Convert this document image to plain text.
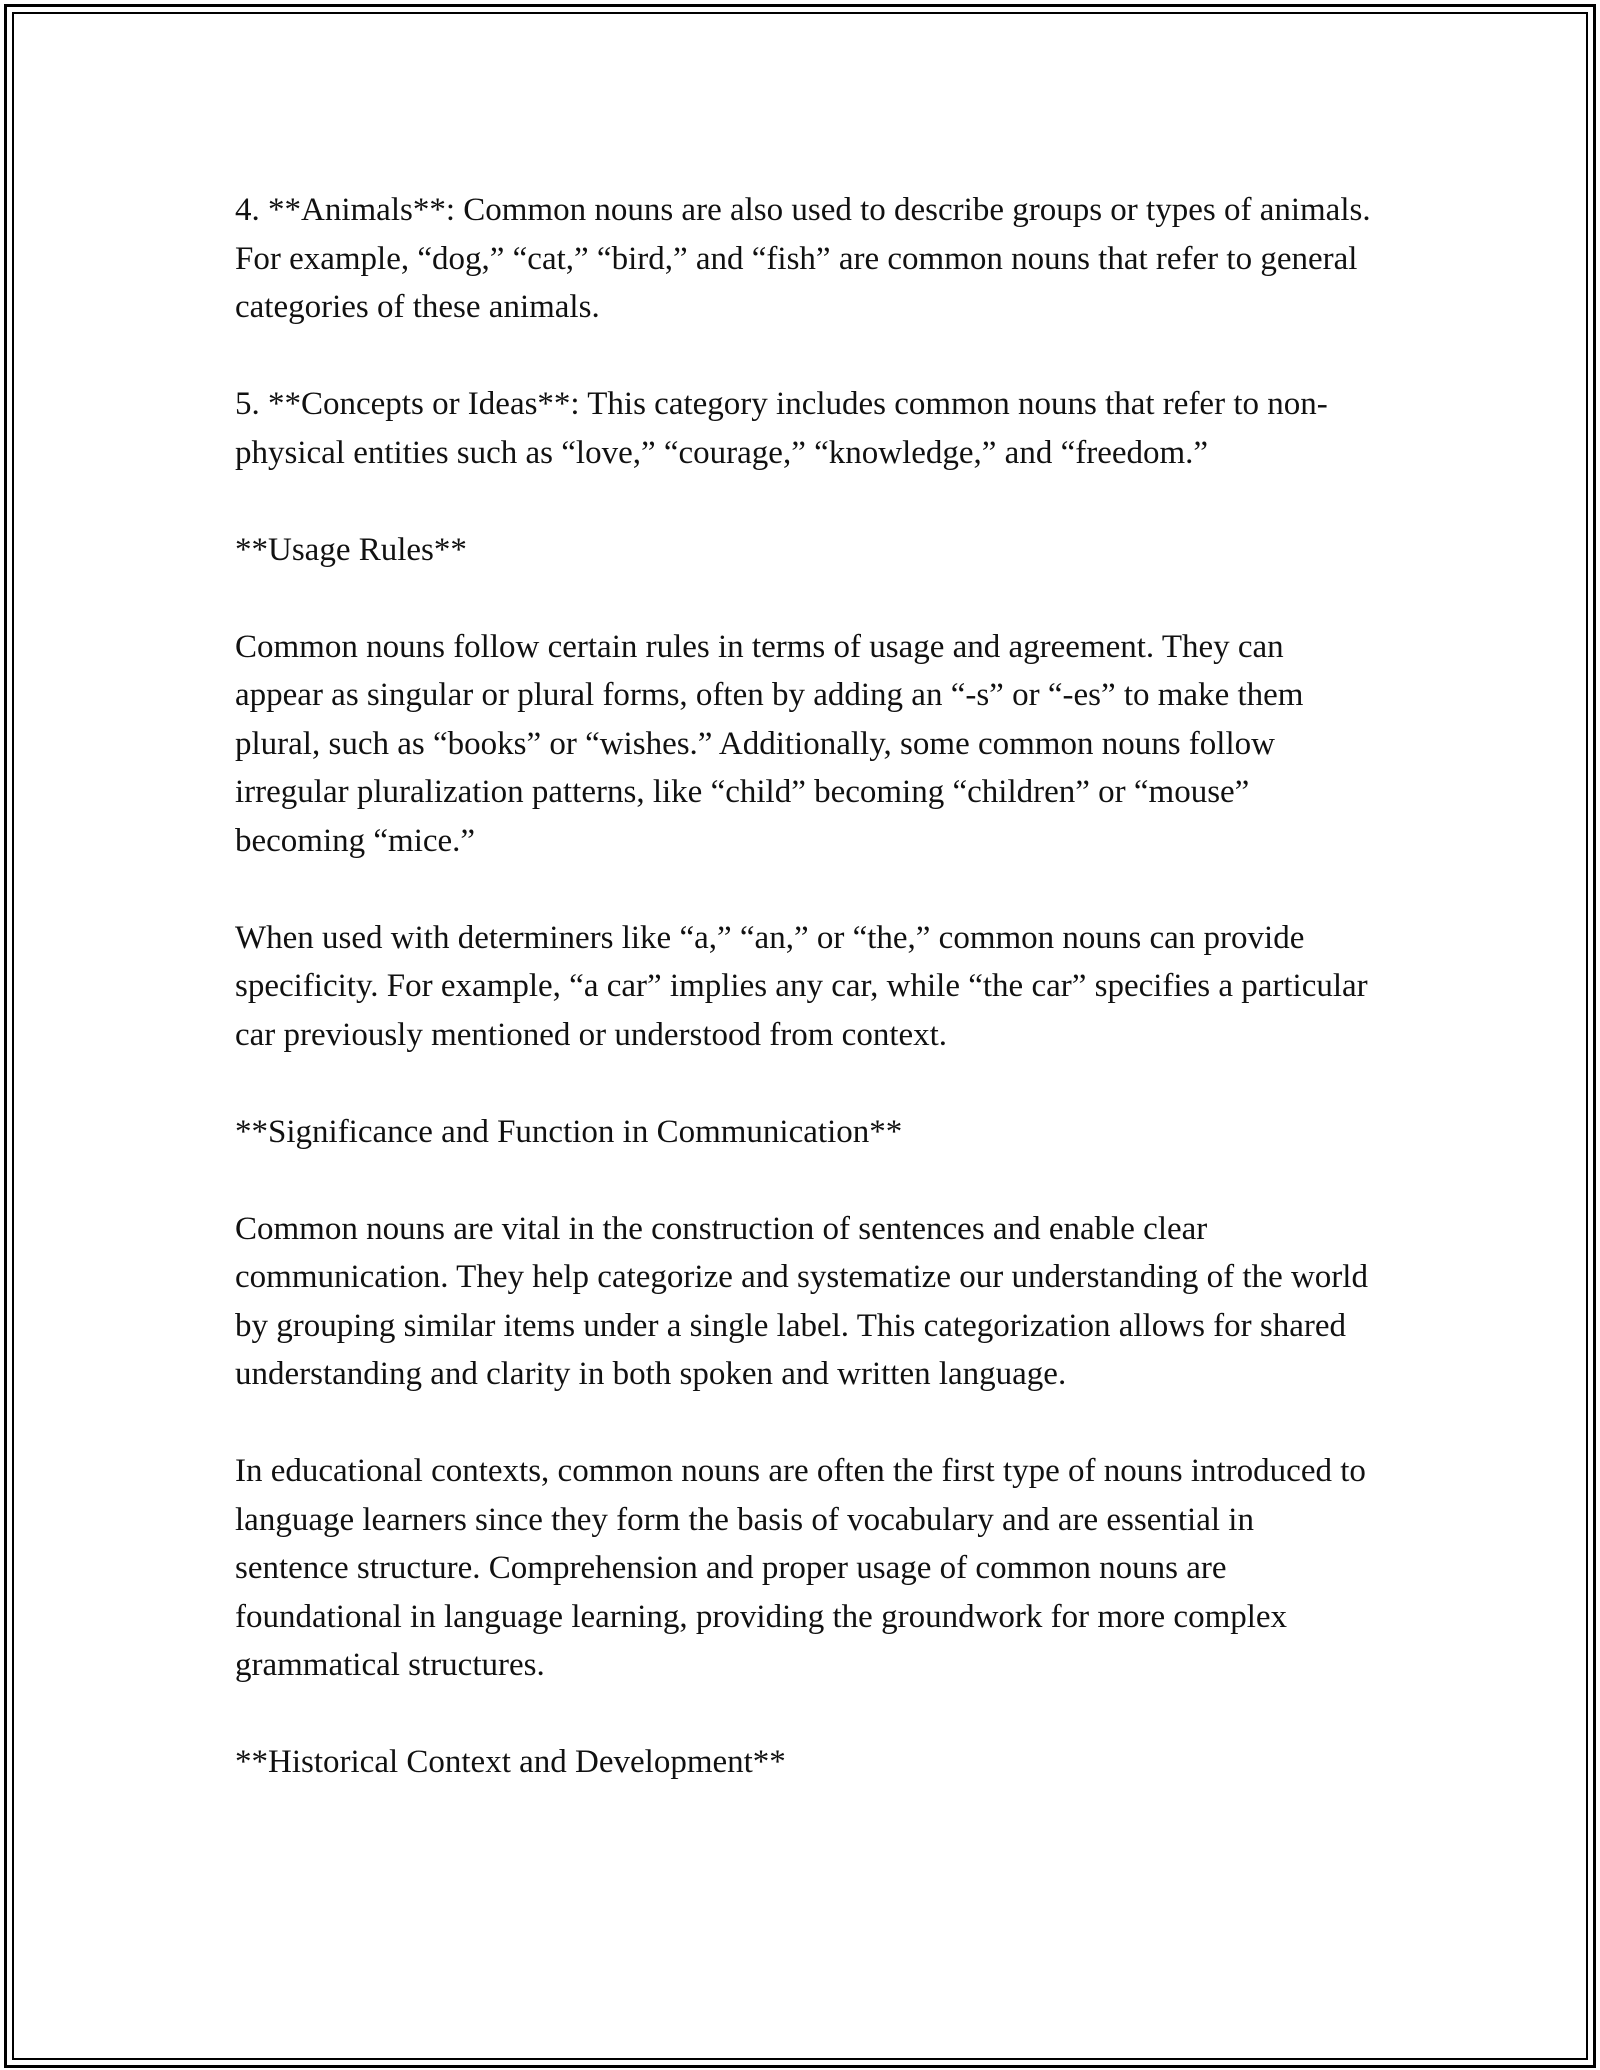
4. **Animals**: Common nouns are also used to describe groups or types of animals. For example, “dog,” “cat,” “bird,” and “fish” are common nouns that refer to general categories of these animals.

5. **Concepts or Ideas**: This category includes common nouns that refer to non-physical entities such as “love,” “courage,” “knowledge,” and “freedom.”

**Usage Rules**

Common nouns follow certain rules in terms of usage and agreement. They can appear as singular or plural forms, often by adding an “-s” or “-es” to make them plural, such as “books” or “wishes.” Additionally, some common nouns follow irregular pluralization patterns, like “child” becoming “children” or “mouse” becoming “mice.”

When used with determiners like “a,” “an,” or “the,” common nouns can provide specificity. For example, “a car” implies any car, while “the car” specifies a particular car previously mentioned or understood from context.

**Significance and Function in Communication**

Common nouns are vital in the construction of sentences and enable clear communication. They help categorize and systematize our understanding of the world by grouping similar items under a single label. This categorization allows for shared understanding and clarity in both spoken and written language.

In educational contexts, common nouns are often the first type of nouns introduced to language learners since they form the basis of vocabulary and are essential in sentence structure. Comprehension and proper usage of common nouns are foundational in language learning, providing the groundwork for more complex grammatical structures.

**Historical Context and Development**
